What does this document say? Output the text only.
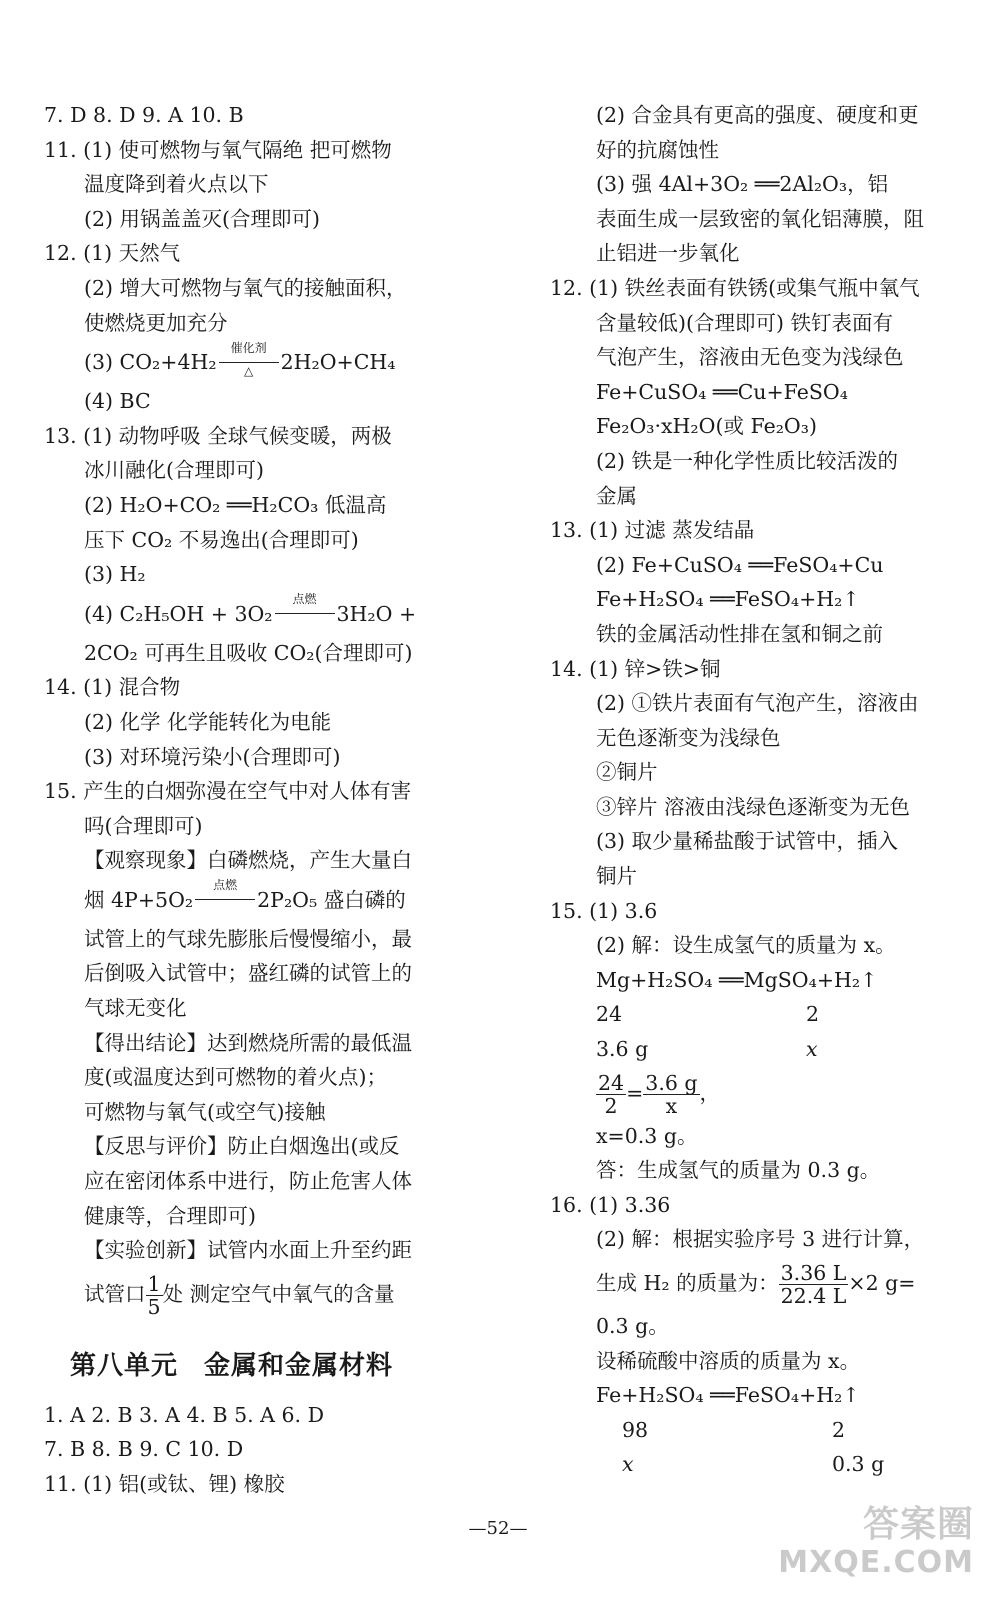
7. D 8. D 9. A 10. B
11. (1) 使可燃物与氧气隔绝 把可燃物
温度降到着火点以下
(2) 用锅盖盖灭(合理即可)
12. (1) 天然气
(2) 增大可燃物与氧气的接触面积，
使燃烧更加充分
(3) CO₂+4H₂
催化剂
△	2H₂O+CH₄
(4) BC
13. (1) 动物呼吸 全球气候变暖，两极
冰川融化(合理即可)
(2) H₂O+CO₂ ══H₂CO₃ 低温高
压下 CO₂ 不易逸出(合理即可)
(3) H₂
(4) C₂H₅OH + 3O₂
点燃
3H₂O +
2CO₂ 可再生且吸收 CO₂(合理即可)
14. (1) 混合物
(2) 化学 化学能转化为电能
(3) 对环境污染小(合理即可)
15. 产生的白烟弥漫在空气中对人体有害
吗(合理即可)
【观察现象】白磷燃烧，产生大量白
烟 4P+5O₂
点燃
2P₂O₅ 盛白磷的
试管上的气球先膨胀后慢慢缩小，最
后倒吸入试管中；盛红磷的试管上的
气球无变化
【得出结论】达到燃烧所需的最低温
度(或温度达到可燃物的着火点)；
可燃物与氧气(或空气)接触
【反思与评价】防止白烟逸出(或反
应在密闭体系中进行，防止危害人体
健康等，合理即可)
【实验创新】试管内水面上升至约距
试管口 $\frac{1}{5}$ 处 测定空气中氧气的含量
第八单元 金属和金属材料
1. A 2. B 3. A 4. B 5. A 6. D
7. B 8. B 9. C 10. D
11. (1) 铝(或钛、锂) 橡胶
(2) 合金具有更高的强度、硬度和更
好的抗腐蚀性
(3) 强 4Al+3O₂ ══2Al₂O₃，铝
表面生成一层致密的氧化铝薄膜，阻
止铝进一步氧化
12. (1) 铁丝表面有铁锈(或集气瓶中氧气
含量较低)(合理即可) 铁钉表面有
气泡产生，溶液由无色变为浅绿色
Fe+CuSO₄ ══Cu+FeSO₄
Fe₂O₃·xH₂O(或 Fe₂O₃)
(2) 铁是一种化学性质比较活泼的
金属
13. (1) 过滤 蒸发结晶
(2) Fe+CuSO₄ ══FeSO₄+Cu
Fe+H₂SO₄ ══FeSO₄+H₂↑
铁的金属活动性排在氢和铜之前
14. (1) 锌>铁>铜
(2) ①铁片表面有气泡产生，溶液由
无色逐渐变为浅绿色
②铜片
③锌片 溶液由浅绿色逐渐变为无色
(3) 取少量稀盐酸于试管中，插入
铜片
15. (1) 3.6
(2) 解：设生成氢气的质量为 x。
Mg+H₂SO₄ ══MgSO₄+H₂↑
24	2
3.6 g	x
$\frac{24}{2} = \frac{3.6 g}{x}$ ，
x=0.3 g。
答：生成氢气的质量为 0.3 g。
16. (1) 3.36
(2) 解：根据实验序号 3 进行计算，
生成 H₂ 的质量为： $\frac{3.36 L}{22.4 L} \times 2$ g=
0.3 g。
设稀硫酸中溶质的质量为 x。
Fe+H₂SO₄ ══FeSO₄+H₂↑
98	2
x	0.3 g
—52—	答案圈
MXQE.COM
